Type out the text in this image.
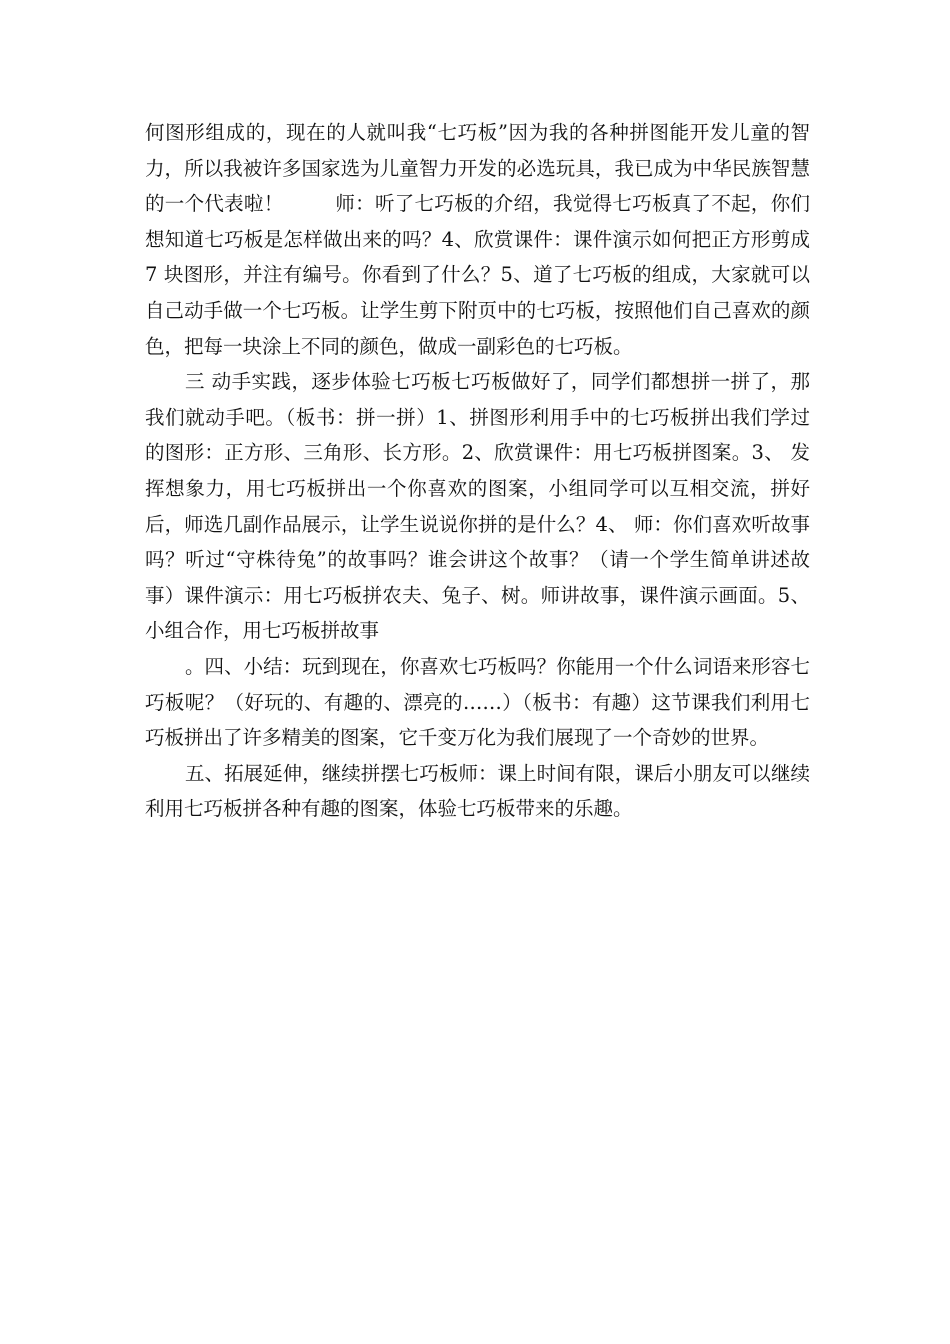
何图形组成的，现在的人就叫我“七巧板”因为我的各种拼图能开发儿童的智力，所以我被许多国家选为儿童智力开发的必选玩具，我已成为中华民族智慧的一个代表啦！        师：听了七巧板的介绍，我觉得七巧板真了不起，你们想知道七巧板是怎样做出来的吗？4、欣赏课件：课件演示如何把正方形剪成 7 块图形，并注有编号。你看到了什么？5、道了七巧板的组成，大家就可以自己动手做一个七巧板。让学生剪下附页中的七巧板，按照他们自己喜欢的颜色，把每一块涂上不同的颜色，做成一副彩色的七巧板。

三 动手实践，逐步体验七巧板七巧板做好了，同学们都想拼一拼了，那我们就动手吧。（板书：拼一拼）1、拼图形利用手中的七巧板拼出我们学过的图形：正方形、三角形、长方形。2、欣赏课件：用七巧板拼图案。3、 发挥想象力，用七巧板拼出一个你喜欢的图案，小组同学可以互相交流，拼好后，师选几副作品展示，让学生说说你拼的是什么？4、 师：你们喜欢听故事吗？听过“守株待兔”的故事吗？谁会讲这个故事？（请一个学生简单讲述故事）课件演示：用七巧板拼农夫、兔子、树。师讲故事，课件演示画面。5、小组合作，用七巧板拼故事

。四、小结：玩到现在，你喜欢七巧板吗？你能用一个什么词语来形容七巧板呢？（好玩的、有趣的、漂亮的……）（板书：有趣）这节课我们利用七巧板拼出了许多精美的图案，它千变万化为我们展现了一个奇妙的世界。

五、拓展延伸，继续拼摆七巧板师：课上时间有限，课后小朋友可以继续利用七巧板拼各种有趣的图案，体验七巧板带来的乐趣。
